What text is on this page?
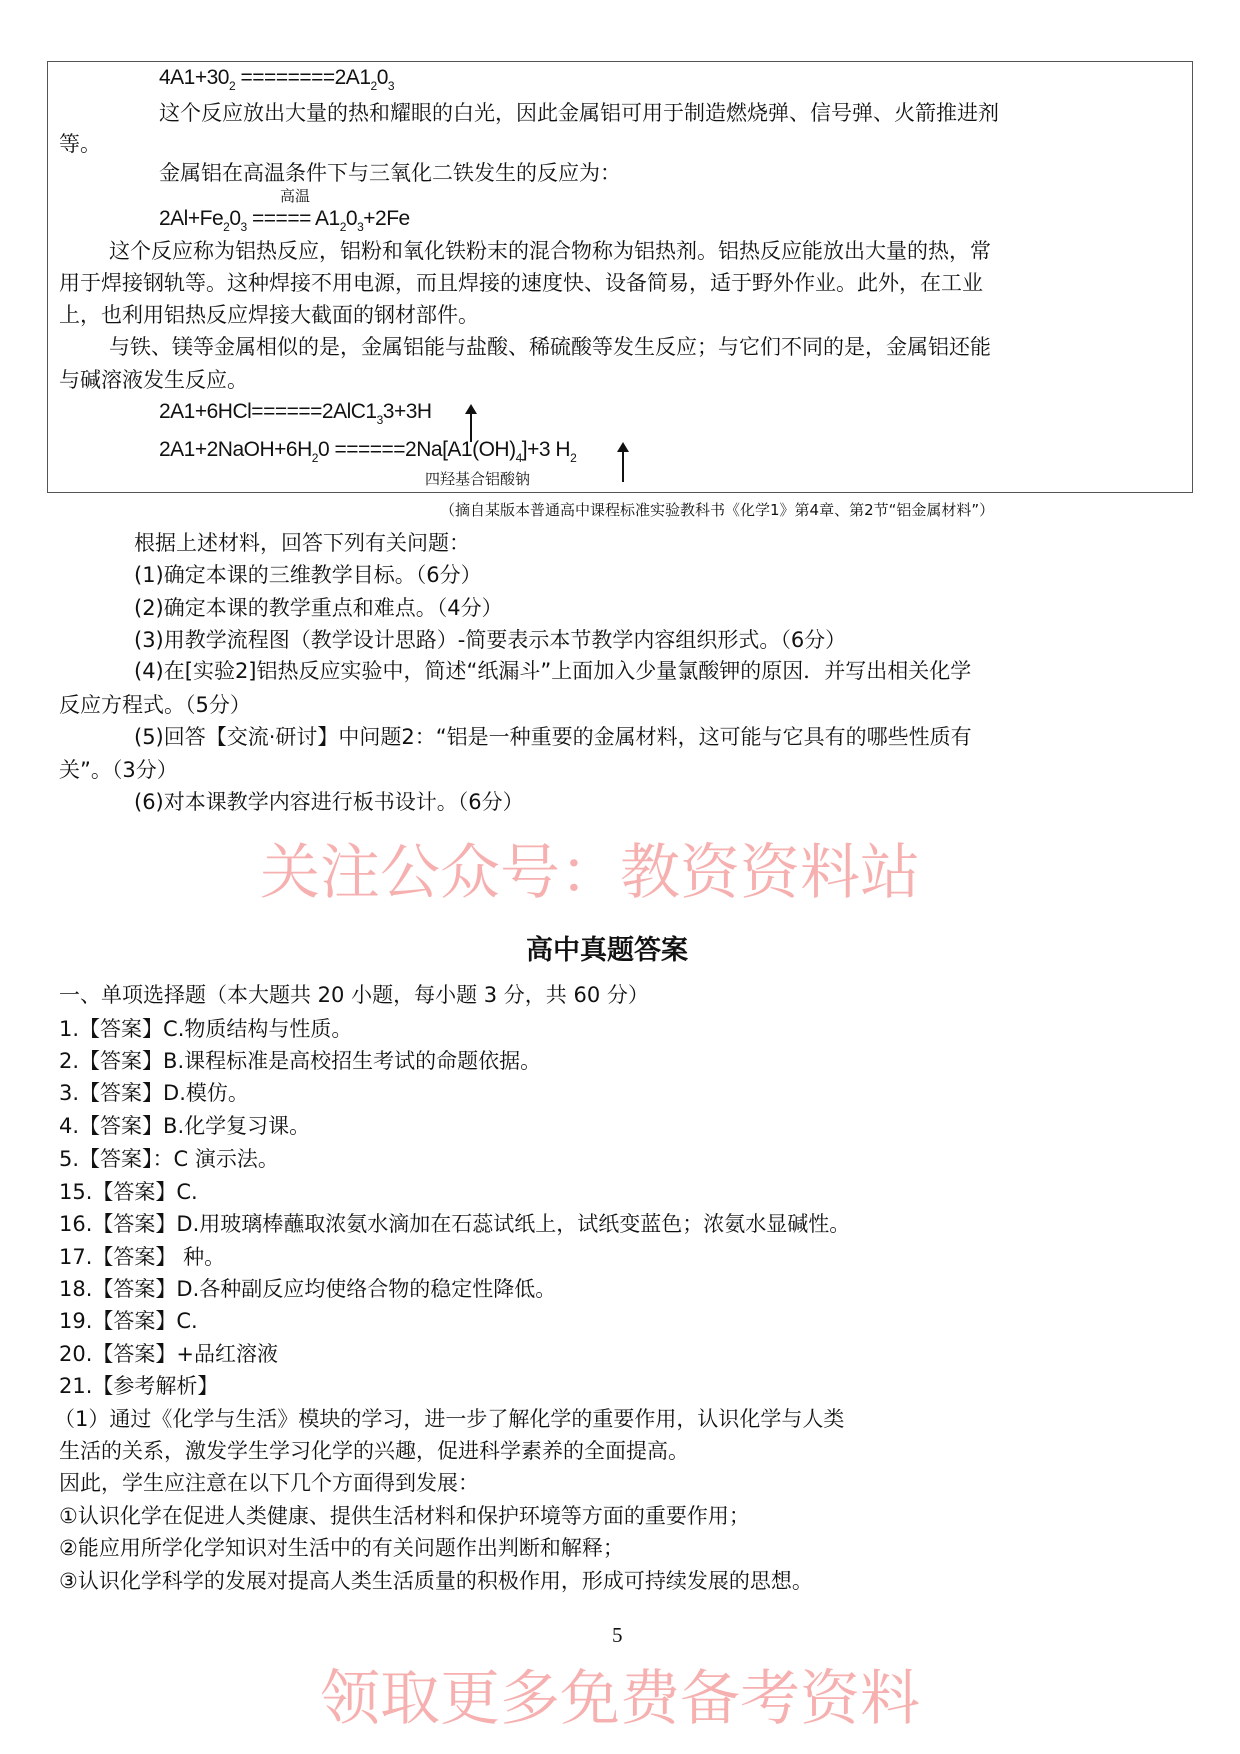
$4A1+30_2 ========2A1_20_3$
这个反应放出大量的热和耀眼的白光，因此金属铝可用于制造燃烧弹、信号弹、火箭推进剂
等。
金属铝在高温条件下与三氧化二铁发生的反应为：
高温
$2Al+Fe_20_3$ ===== $A1_20_3+2Fe$
这个反应称为铝热反应，铝粉和氧化铁粉末的混合物称为铝热剂。铝热反应能放出大量的热，常
用于焊接钢轨等。这种焊接不用电源，而且焊接的速度快、设备简易，适于野外作业。此外，在工业
上，也利用铝热反应焊接大截面的钢材部件。
与铁、镁等金属相似的是，金属铝能与盐酸、稀硫酸等发生反应；与它们不同的是，金属铝还能
与碱溶液发生反应。
$2A1+6HCl======2AlC1_33+3H$
$2A1+2NaOH+6H_20 ======2Na[A1(OH)_4]+3$ $H_2$
四羟基合铝酸钠
（摘自某版本普通高中课程标准实验教科书《化学1》第4章、第2节“铝金属材料”）
根据上述材料，回答下列有关问题：
(1)确定本课的三维教学目标。（6分）
(2)确定本课的教学重点和难点。（4分）
(3)用教学流程图（教学设计思路）-简要表示本节教学内容组织形式。（6分）
(4)在[实验2]铝热反应实验中，简述“纸漏斗”上面加入少量氯酸钾的原因．并写出相关化学
反应方程式。（5分）
(5)回答【交流·研讨】中问题2：“铝是一种重要的金属材料，这可能与它具有的哪些性质有
关”。（3分）
(6)对本课教学内容进行板书设计。（6分）
关注公众号：教资资料站
高中真题答案
一、单项选择题（本大题共 20 小题，每小题 3 分，共 60 分）
1.【答案】C.物质结构与性质。
2.【答案】B.课程标准是高校招生考试的命题依据。
3.【答案】D.模仿。
4.【答案】B.化学复习课。
5.【答案】：C 演示法。
15.【答案】C.
16.【答案】D.用玻璃棒蘸取浓氨水滴加在石蕊试纸上，试纸变蓝色；浓氨水显碱性。
17.【答案】 种。
18.【答案】D.各种副反应均使络合物的稳定性降低。
19.【答案】C.
20.【答案】+品红溶液
21.【参考解析】
（1）通过《化学与生活》模块的学习，进一步了解化学的重要作用，认识化学与人类
生活的关系，激发学生学习化学的兴趣，促进科学素养的全面提高。
因此，学生应注意在以下几个方面得到发展：
①认识化学在促进人类健康、提供生活材料和保护环境等方面的重要作用；
②能应用所学化学知识对生活中的有关问题作出判断和解释；
③认识化学科学的发展对提高人类生活质量的积极作用，形成可持续发展的思想。
5
领取更多免费备考资料
